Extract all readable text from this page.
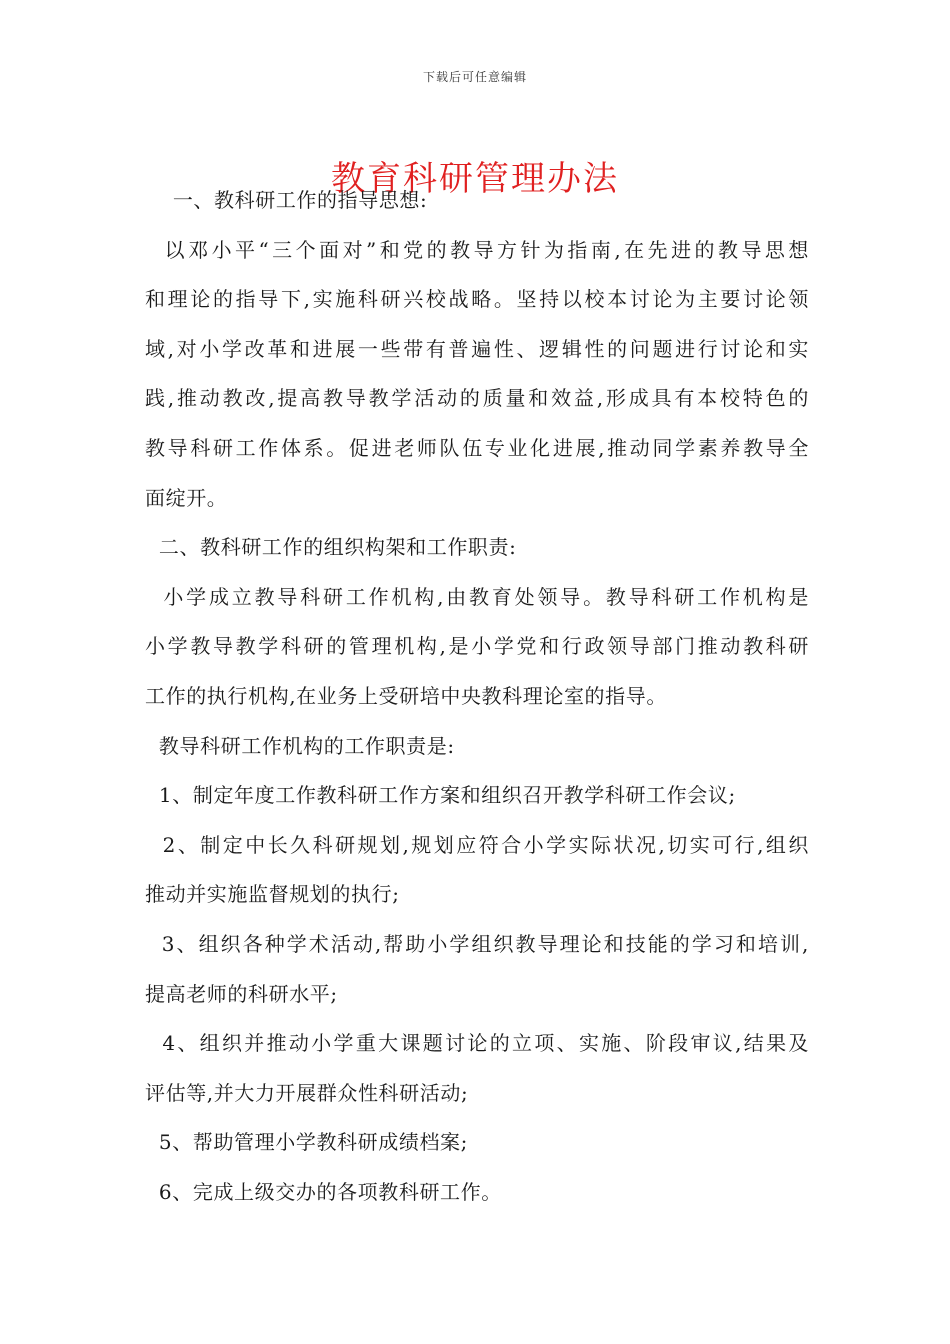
下载后可任意编辑
教育科研管理办法
一、教科研工作的指导思想:
以邓小平“三个面对”和党的教导方针为指南,在先进的教导思想
和理论的指导下,实施科研兴校战略。坚持以校本讨论为主要讨论领
域,对小学改革和进展一些带有普遍性、逻辑性的问题进行讨论和实
践,推动教改,提高教导教学活动的质量和效益,形成具有本校特色的
教导科研工作体系。促进老师队伍专业化进展,推动同学素养教导全
面绽开。
二、教科研工作的组织构架和工作职责:
小学成立教导科研工作机构,由教育处领导。教导科研工作机构是
小学教导教学科研的管理机构,是小学党和行政领导部门推动教科研
工作的执行机构,在业务上受研培中央教科理论室的指导。
教导科研工作机构的工作职责是:
1、制定年度工作教科研工作方案和组织召开教学科研工作会议;
2、制定中长久科研规划,规划应符合小学实际状况,切实可行,组织
推动并实施监督规划的执行;
3、组织各种学术活动,帮助小学组织教导理论和技能的学习和培训,
提高老师的科研水平;
4、组织并推动小学重大课题讨论的立项、实施、阶段审议,结果及
评估等,并大力开展群众性科研活动;
5、帮助管理小学教科研成绩档案;
6、完成上级交办的各项教科研工作。
